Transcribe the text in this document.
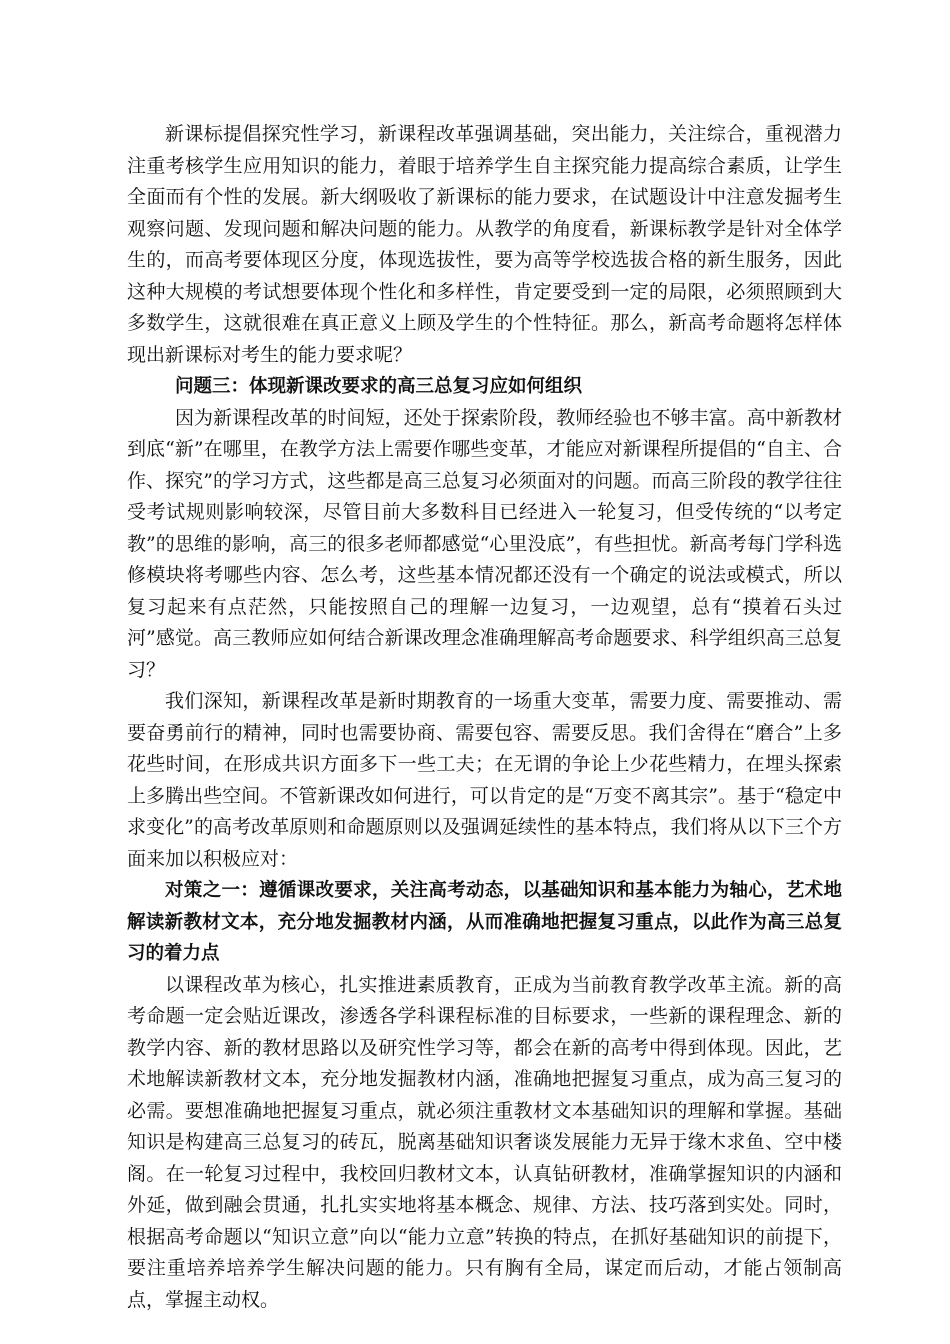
新课标提倡探究性学习，新课程改革强调基础，突出能力，关注综合，重视潜力注重考核学生应用知识的能力，着眼于培养学生自主探究能力提高综合素质，让学生全面而有个性的发展。新大纲吸收了新课标的能力要求，在试题设计中注意发掘考生观察问题、发现问题和解决问题的能力。从教学的角度看，新课标教学是针对全体学生的，而高考要体现区分度，体现选拔性，要为高等学校选拔合格的新生服务，因此这种大规模的考试想要体现个性化和多样性，肯定要受到一定的局限，必须照顾到大多数学生，这就很难在真正意义上顾及学生的个性特征。那么，新高考命题将怎样体现出新课标对考生的能力要求呢？

问题三：体现新课改要求的高三总复习应如何组织

因为新课程改革的时间短，还处于探索阶段，教师经验也不够丰富。高中新教材到底“新”在哪里，在教学方法上需要作哪些变革，才能应对新课程所提倡的“自主、合作、探究”的学习方式，这些都是高三总复习必须面对的问题。而高三阶段的教学往往受考试规则影响较深，尽管目前大多数科目已经进入一轮复习，但受传统的“以考定教”的思维的影响，高三的很多老师都感觉“心里没底”，有些担忧。新高考每门学科选修模块将考哪些内容、怎么考，这些基本情况都还没有一个确定的说法或模式，所以复习起来有点茫然，只能按照自己的理解一边复习，一边观望，总有“摸着石头过河”感觉。高三教师应如何结合新课改理念准确理解高考命题要求、科学组织高三总复习？

我们深知，新课程改革是新时期教育的一场重大变革，需要力度、需要推动、需要奋勇前行的精神，同时也需要协商、需要包容、需要反思。我们舍得在“磨合”上多花些时间，在形成共识方面多下一些工夫；在无谓的争论上少花些精力，在埋头探索上多腾出些空间。不管新课改如何进行，可以肯定的是“万变不离其宗”。基于“稳定中求变化”的高考改革原则和命题原则以及强调延续性的基本特点，我们将从以下三个方面来加以积极应对：

对策之一：遵循课改要求，关注高考动态，以基础知识和基本能力为轴心，艺术地解读新教材文本，充分地发掘教材内涵，从而准确地把握复习重点，以此作为高三总复习的着力点

以课程改革为核心，扎实推进素质教育，正成为当前教育教学改革主流。新的高考命题一定会贴近课改，渗透各学科课程标准的目标要求，一些新的课程理念、新的教学内容、新的教材思路以及研究性学习等，都会在新的高考中得到体现。因此，艺术地解读新教材文本，充分地发掘教材内涵，准确地把握复习重点，成为高三复习的必需。要想准确地把握复习重点，就必须注重教材文本基础知识的理解和掌握。基础知识是构建高三总复习的砖瓦，脱离基础知识奢谈发展能力无异于缘木求鱼、空中楼阁。在一轮复习过程中，我校回归教材文本，认真钻研教材，准确掌握知识的内涵和外延，做到融会贯通，扎扎实实地将基本概念、规律、方法、技巧落到实处。同时，根据高考命题以“知识立意”向以“能力立意”转换的特点，在抓好基础知识的前提下，要注重培养培养学生解决问题的能力。只有胸有全局，谋定而后动，才能占领制高点，掌握主动权。
